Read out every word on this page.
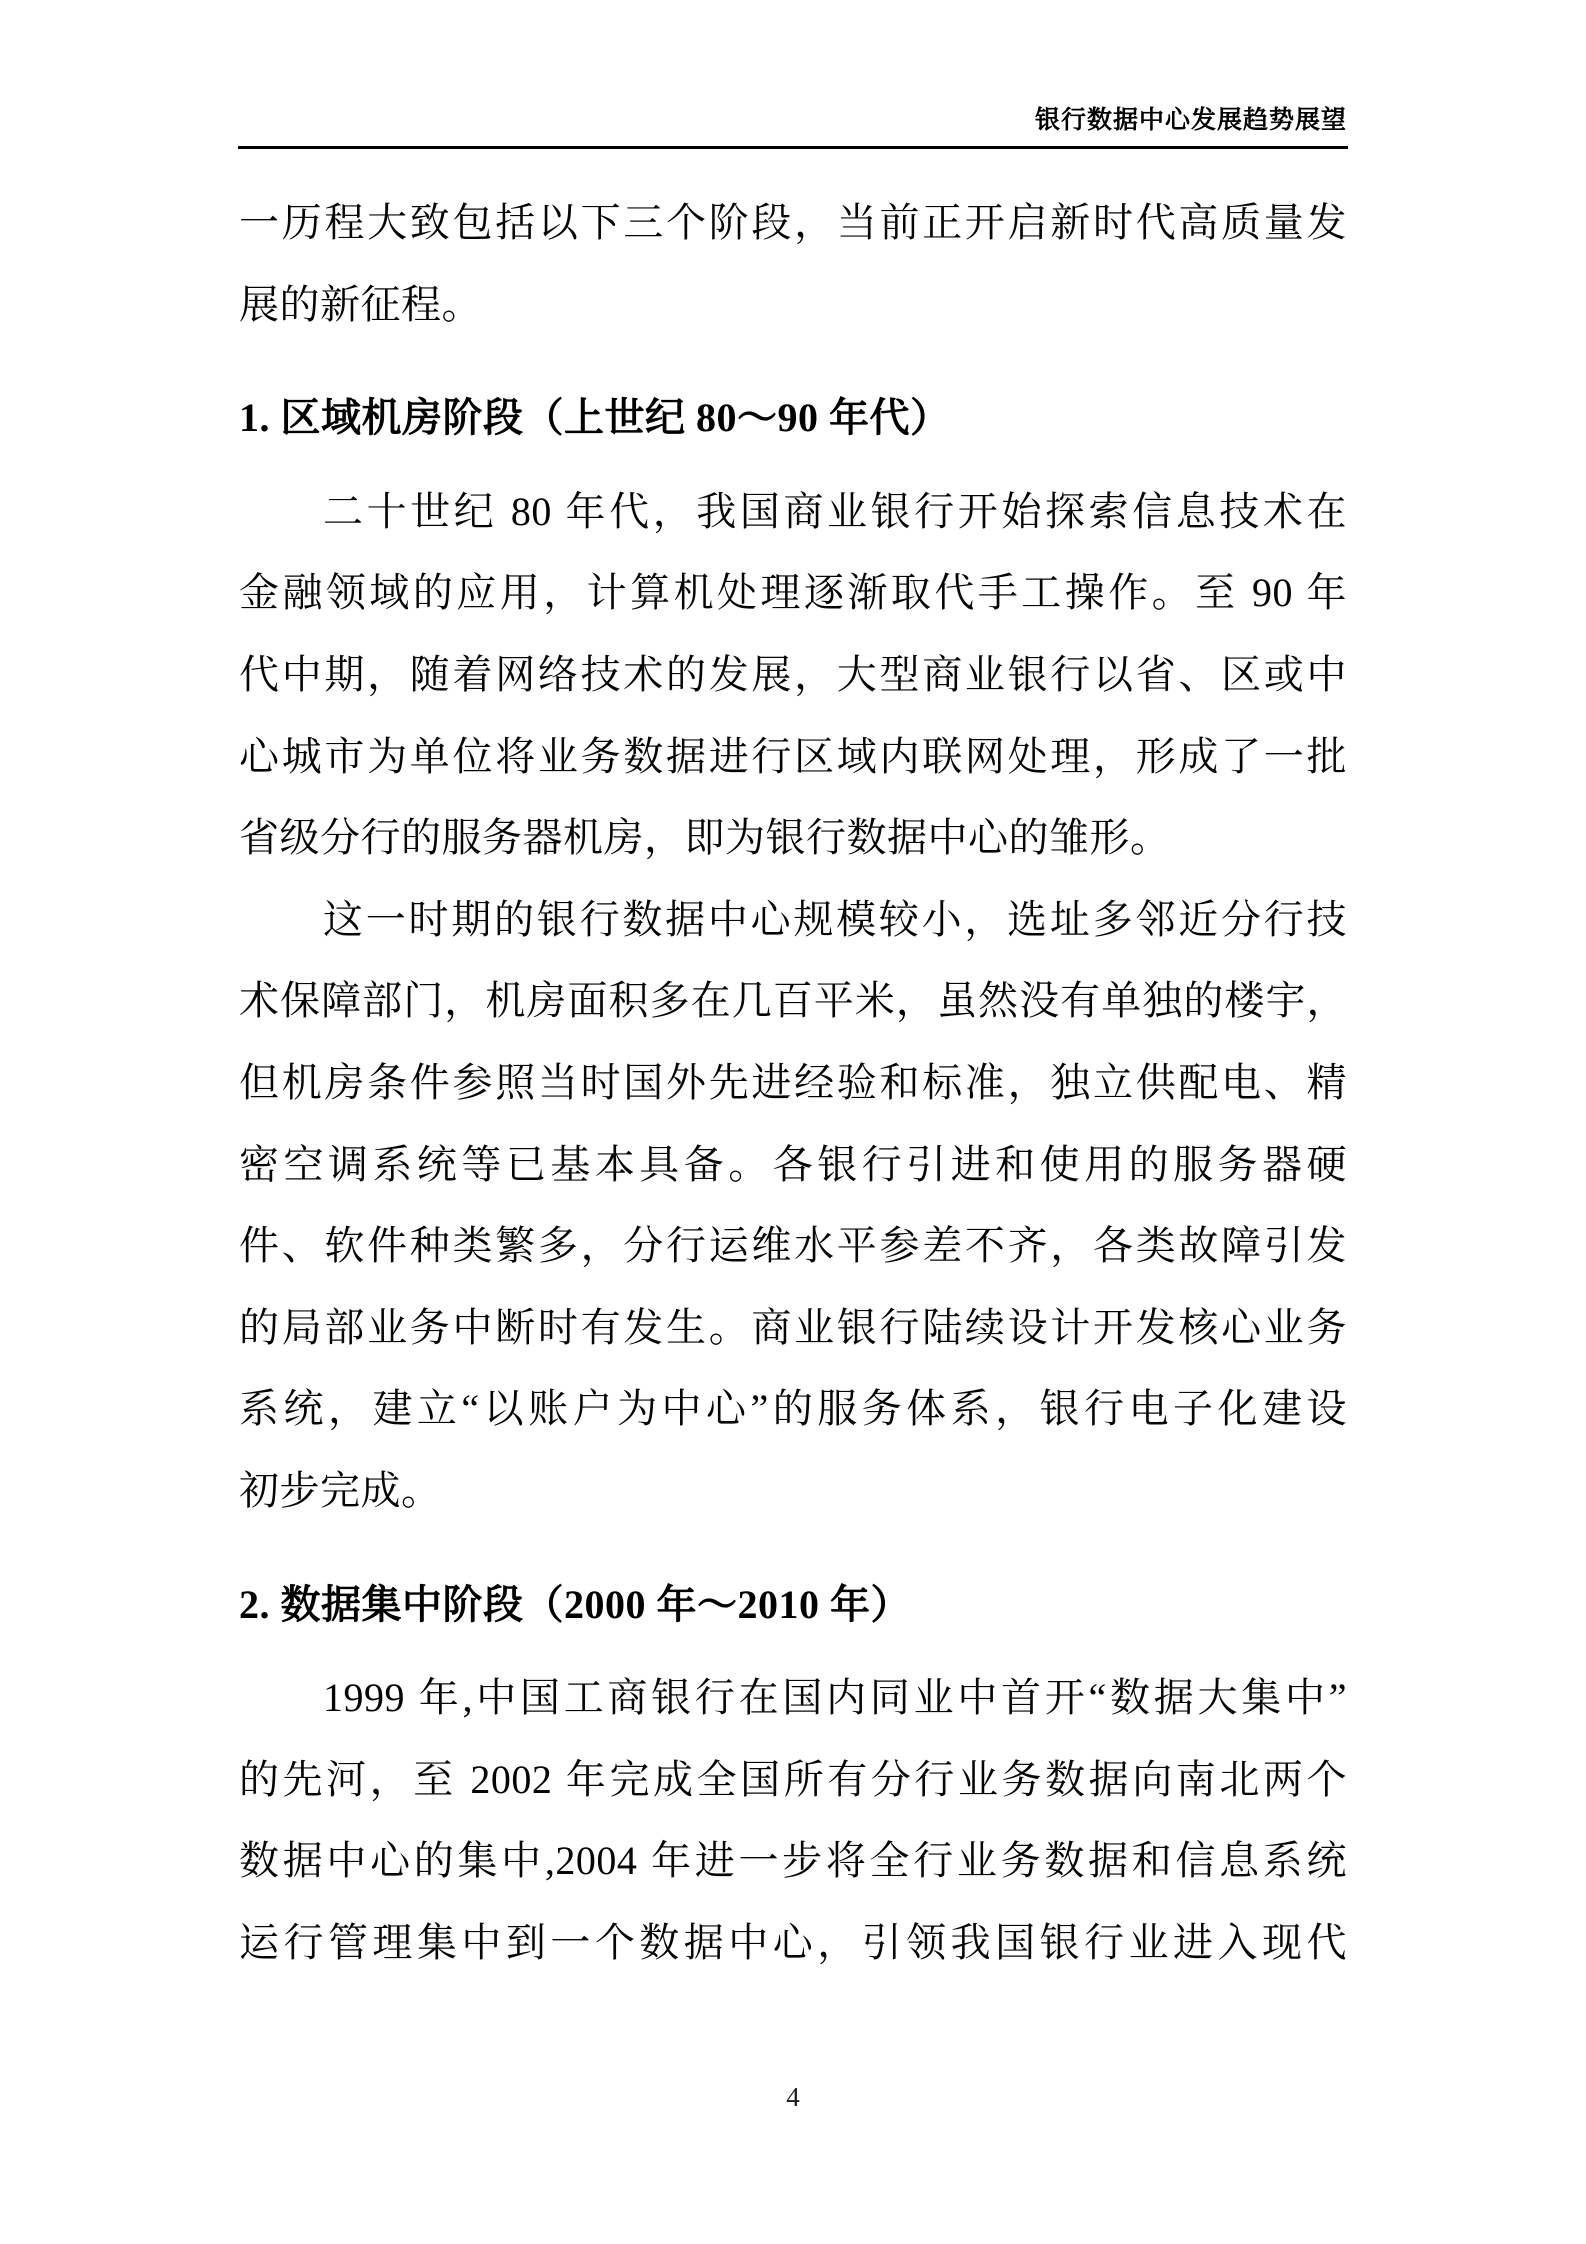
银行数据中心发展趋势展望
一历程大致包括以下三个阶段，当前正开启新时代高质量发
展的新征程。
1. 区域机房阶段（上世纪 80～90 年代）
二十世纪 80 年代，我国商业银行开始探索信息技术在
金融领域的应用，计算机处理逐渐取代手工操作。至 90 年
代中期，随着网络技术的发展，大型商业银行以省、区或中
心城市为单位将业务数据进行区域内联网处理，形成了一批
省级分行的服务器机房，即为银行数据中心的雏形。
这一时期的银行数据中心规模较小，选址多邻近分行技
术保障部门，机房面积多在几百平米，虽然没有单独的楼宇，
但机房条件参照当时国外先进经验和标准，独立供配电、精
密空调系统等已基本具备。各银行引进和使用的服务器硬
件、软件种类繁多，分行运维水平参差不齐，各类故障引发
的局部业务中断时有发生。商业银行陆续设计开发核心业务
系统，建立“以账户为中心”的服务体系，银行电子化建设
初步完成。
2. 数据集中阶段（2000 年～2010 年）
1999 年,中国工商银行在国内同业中首开“数据大集中”
的先河，至 2002 年完成全国所有分行业务数据向南北两个
数据中心的集中,2004 年进一步将全行业务数据和信息系统
运行管理集中到一个数据中心，引领我国银行业进入现代
4
